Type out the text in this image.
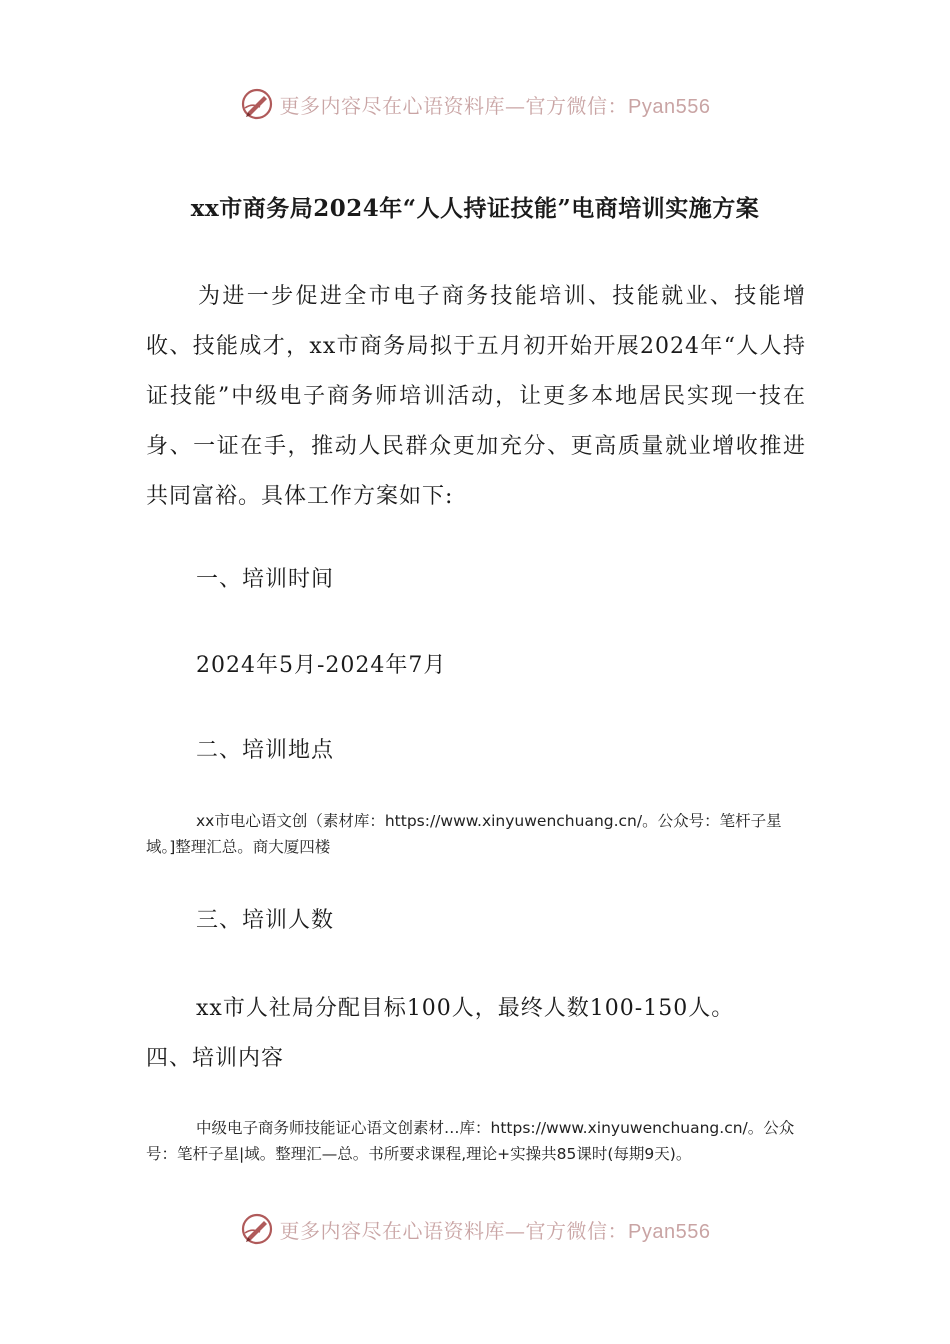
更多内容尽在心语资料库—官方微信：Pyan556
xx市商务局2024年“人人持证技能”电商培训实施方案
为进一步促进全市电子商务技能培训、技能就业、技能增收、技能成才，xx市商务局拟于五月初开始开展2024年“人人持证技能”中级电子商务师培训活动，让更多本地居民实现一技在身、一证在手，推动人民群众更加充分、更高质量就业增收推进共同富裕。具体工作方案如下:
一、培训时间
2024年5月-2024年7月
二、培训地点
xx市电心语文创（素材库：https://www.xinyuwenchuang.cn/。公众号：笔杆子星域。]整理汇总。商大厦四楼
三、培训人数
xx市人社局分配目标100人，最终人数100-150人。
四、培训内容
中级电子商务师技能证心语文创素材…库：https://www.xinyuwenchuang.cn/。公众号：笔杆子星|域。整理汇—总。书所要求课程,理论+实操共85课时(每期9天)。
更多内容尽在心语资料库—官方微信：Pyan556
